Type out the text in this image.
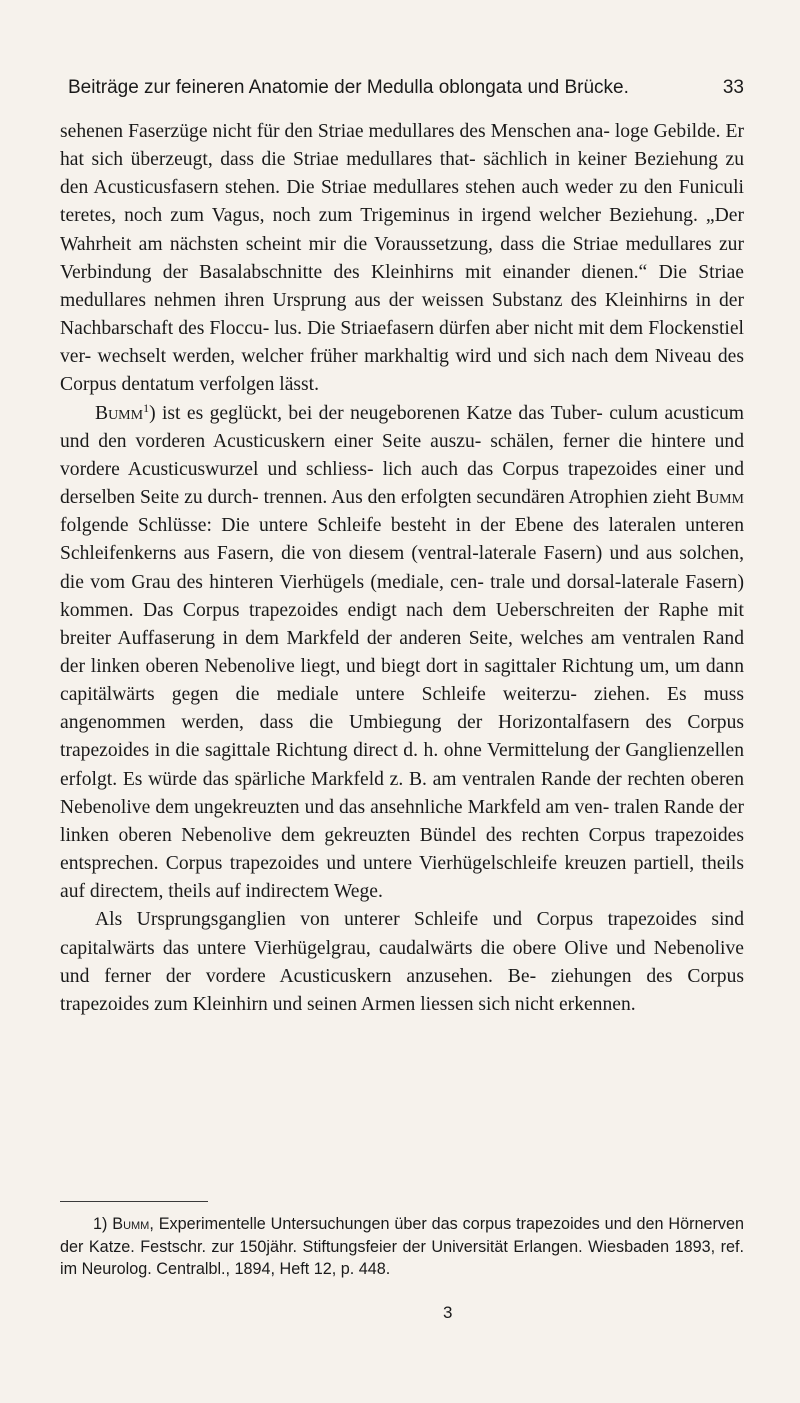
Beiträge zur feineren Anatomie der Medulla oblongata und Brücke.	33

sehenen Faserzüge nicht für den Striae medullares des Menschen ana- loge Gebilde. Er hat sich überzeugt, dass die Striae medullares that- sächlich in keiner Beziehung zu den Acusticusfasern stehen. Die Striae medullares stehen auch weder zu den Funiculi teretes, noch zum Vagus, noch zum Trigeminus in irgend welcher Beziehung. „Der Wahrheit am nächsten scheint mir die Voraussetzung, dass die Striae medullares zur Verbindung der Basalabschnitte des Kleinhirns mit einander dienen.“ Die Striae medullares nehmen ihren Ursprung aus der weissen Substanz des Kleinhirns in der Nachbarschaft des Floccu- lus. Die Striaefasern dürfen aber nicht mit dem Flockenstiel ver- wechselt werden, welcher früher markhaltig wird und sich nach dem Niveau des Corpus dentatum verfolgen lässt.

Bumm$^1$) ist es geglückt, bei der neugeborenen Katze das Tuber- culum acusticum und den vorderen Acusticuskern einer Seite auszu- schälen, ferner die hintere und vordere Acusticuswurzel und schliess- lich auch das Corpus trapezoides einer und derselben Seite zu durch- trennen. Aus den erfolgten secundären Atrophien zieht Bumm folgende Schlüsse: Die untere Schleife besteht in der Ebene des lateralen unteren Schleifenkerns aus Fasern, die von diesem (ventral-laterale Fasern) und aus solchen, die vom Grau des hinteren Vierhügels (mediale, cen- trale und dorsal-laterale Fasern) kommen. Das Corpus trapezoides endigt nach dem Ueberschreiten der Raphe mit breiter Auffaserung in dem Markfeld der anderen Seite, welches am ventralen Rand der linken oberen Nebenolive liegt, und biegt dort in sagittaler Richtung um, um dann capitälwärts gegen die mediale untere Schleife weiterzu- ziehen. Es muss angenommen werden, dass die Umbiegung der Horizontalfasern des Corpus trapezoides in die sagittale Richtung direct d. h. ohne Vermittelung der Ganglienzellen erfolgt. Es würde das spärliche Markfeld z. B. am ventralen Rande der rechten oberen Nebenolive dem ungekreuzten und das ansehnliche Markfeld am ven- tralen Rande der linken oberen Nebenolive dem gekreuzten Bündel des rechten Corpus trapezoides entsprechen. Corpus trapezoides und untere Vierhügelschleife kreuzen partiell, theils auf directem, theils auf indirectem Wege.

Als Ursprungsganglien von unterer Schleife und Corpus trapezoides sind capitalwärts das untere Vierhügelgrau, caudalwärts die obere Olive und Nebenolive und ferner der vordere Acusticuskern anzusehen. Be- ziehungen des Corpus trapezoides zum Kleinhirn und seinen Armen liessen sich nicht erkennen.

1) Bumm, Experimentelle Untersuchungen über das corpus trapezoides und den Hörnerven der Katze. Festschr. zur 150jähr. Stiftungsfeier der Universität Erlangen. Wiesbaden 1893, ref. im Neurolog. Centralbl., 1894, Heft 12, p. 448.

3
